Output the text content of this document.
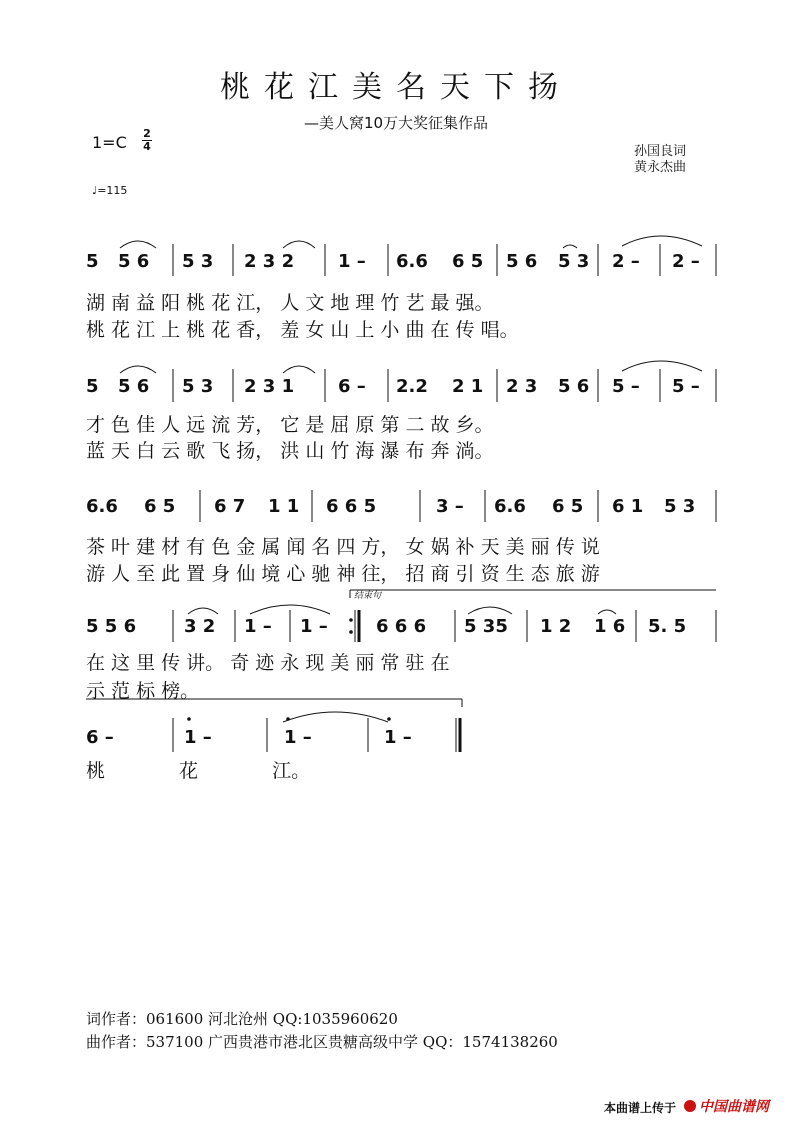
桃花江美名天下扬
—美人窝10万大奖征集作品
1=C 2
4	孙国良词
黄永杰曲
♩=115
5 5 6 5 3 2 3 2 1 – 6.6 6 5 5 6 5 3 2 – 2 –
湖 南 益 阳 桃 花 江， 人 文 地 理 竹 艺 最 强。
桃 花 江 上 桃 花 香， 羞 女 山 上 小 曲 在 传 唱。
5 5 6 5 3 2 3 1 6 – 2.2 2 1 2 3 5 6 5 – 5 –
才 色 佳 人 远 流 芳， 它 是 屈 原 第 二 故 乡。
蓝 天 白 云 歌 飞 扬， 洪 山 竹 海 瀑 布 奔 淌。
6.6 6 5 6 7 1 1 6 6 5	3 – 6.6 6 5 6 1 5 3
茶 叶 建 材 有 色 金 属 闻 名 四 方， 女 娲 补 天 美 丽 传 说
游 人 至 此 置 身 仙 境 心 驰 神 往， 招 商 引 资 生 态 旅 游
结束句
5 5 6	3 2 1 – 1 –	6 6 6 5 35 1 2 1 6 5. 5
在 这 里 传 讲。 奇 迹 永 现 美 丽 常 驻 在
示 范 标 榜。
6 –	1 –	1 –	1 –
桃 花 江。
词作者：061600 河北沧州 QQ:1035960620
曲作者：537100 广西贵港市港北区贵糖高级中学 QQ：1574138260
本曲谱上传于	中国曲谱网
